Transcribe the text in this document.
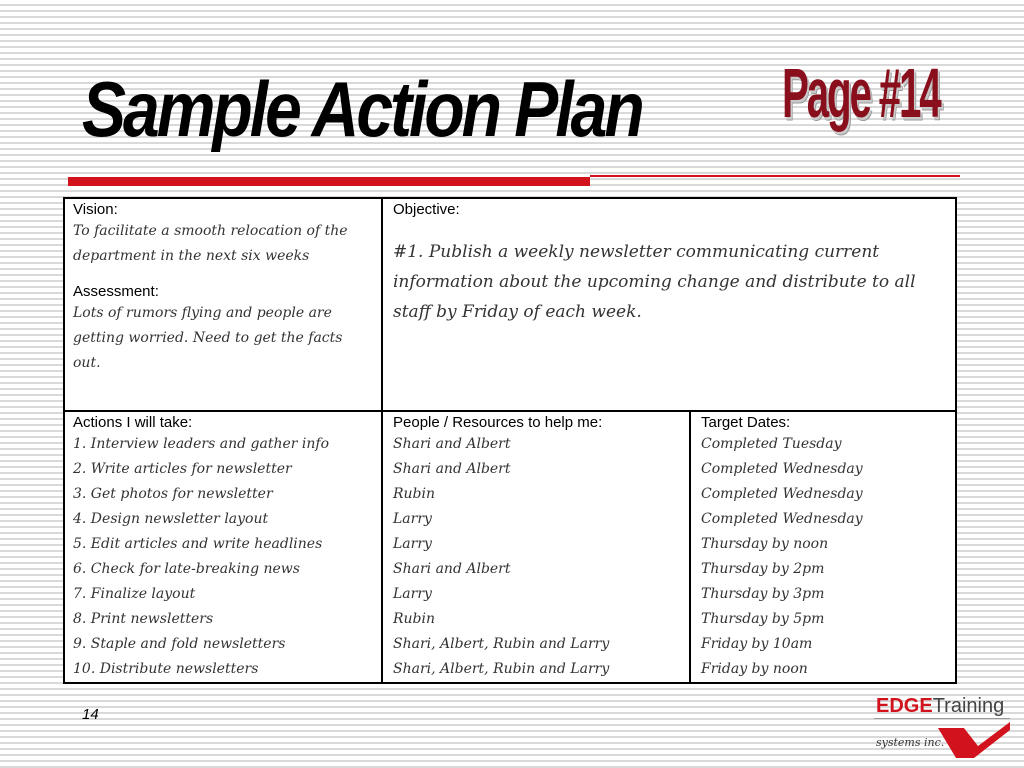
Sample Action Plan	Page #14
Vision:
To facilitate a smooth relocation of the department in the next six weeks
Assessment:
Lots of rumors flying and people are getting worried. Need to get the facts out.
Objective:
#1. Publish a weekly newsletter communicating current information about the upcoming change and distribute to all staff by Friday of each week.
Actions I will take:
1. Interview leaders and gather info
2. Write articles for newsletter
3. Get photos for newsletter
4. Design newsletter layout
5. Edit articles and write headlines
6. Check for late-breaking news
7. Finalize layout
8. Print newsletters
9. Staple and fold newsletters
10. Distribute newsletters
People / Resources to help me:
Shari and Albert
Shari and Albert
Rubin
Larry
Larry
Shari and Albert
Larry
Rubin
Shari, Albert, Rubin and Larry
Shari, Albert, Rubin and Larry
Target Dates:
Completed Tuesday
Completed Wednesday
Completed Wednesday
Completed Wednesday
Thursday by noon
Thursday by 2pm
Thursday by 3pm
Thursday by 5pm
Friday by 10am
Friday by noon
14	EDGETraining
systems inc.
